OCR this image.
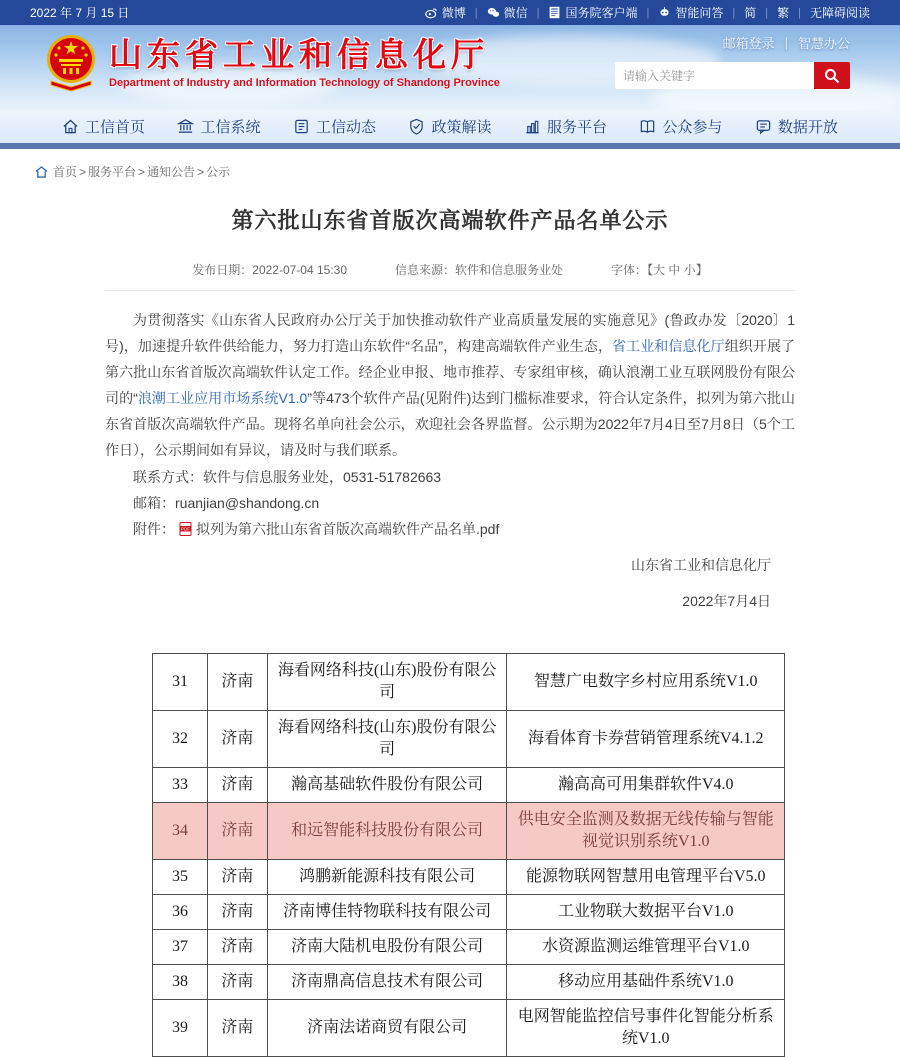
2022 年 7 月 15 日	微博 | 微信 | 国务院客户端 | 智能问答 | 简 | 繁 | 无障碍阅读
山东省工业和信息化厅
Department of Industry and Information Technology of Shandong Province
邮箱登录 | 智慧办公
请输入关键字
工信首页	工信系统	工信动态	政策解读	服务平台	公众参与	数据开放
首页 > 服务平台 > 通知公告 > 公示
第六批山东省首版次高端软件产品名单公示
发布日期：2022-07-04 15:30	信息来源：软件和信息服务业处	字体：【大 中 小】

为贯彻落实《山东省人民政府办公厅关于加快推动软件产业高质量发展的实施意见》(鲁政办发〔2020〕1号)，加速提升软件供给能力，努力打造山东软件“名品”，构建高端软件产业生态，省工业和信息化厅组织开展了第六批山东省首版次高端软件认定工作。经企业申报、地市推荐、专家组审核，确认浪潮工业互联网股份有限公司的“浪潮工业应用市场系统V1.0”等473个软件产品(见附件)达到门槛标准要求，符合认定条件，拟列为第六批山东省首版次高端软件产品。现将名单向社会公示，欢迎社会各界监督。公示期为2022年7月4日至7月8日（5个工作日），公示期间如有异议，请及时与我们联系。

联系方式：软件与信息服务业处，0531-51782663
邮箱：ruanjian@shandong.cn
附件： PDF 拟列为第六批山东省首版次高端软件产品名单.pdf
山东省工业和信息化厅
2022年7月4日
31	济南	海看网络科技(山东)股份有限公司	智慧广电数字乡村应用系统V1.0
32	济南	海看网络科技(山东)股份有限公司	海看体育卡券营销管理系统V4.1.2
33	济南	瀚高基础软件股份有限公司	瀚高高可用集群软件V4.0
34	济南	和远智能科技股份有限公司	供电安全监测及数据无线传输与智能视觉识别系统V1.0
35	济南	鸿鹏新能源科技有限公司	能源物联网智慧用电管理平台V5.0
36	济南	济南博佳特物联科技有限公司	工业物联大数据平台V1.0
37	济南	济南大陆机电股份有限公司	水资源监测运维管理平台V1.0
38	济南	济南鼎高信息技术有限公司	移动应用基础件系统V1.0
39	济南	济南法诺商贸有限公司	电网智能监控信号事件化智能分析系统V1.0
